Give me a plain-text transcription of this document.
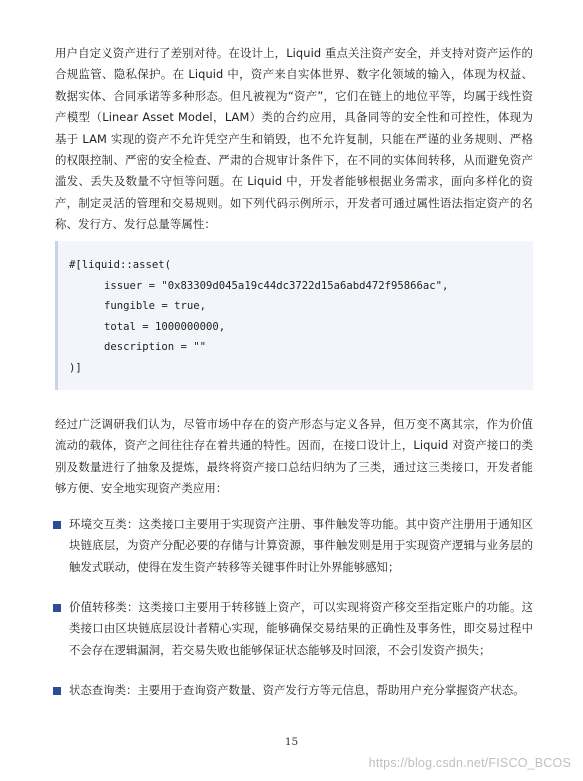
用户自定义资产进行了差别对待。在设计上，Liquid 重点关注资产安全，并支持对资产运作的合规监管、隐私保护。在 Liquid 中，资产来自实体世界、数字化领域的输入，体现为权益、数据实体、合同承诺等多种形态。但凡被视为“资产”，它们在链上的地位平等，均属于线性资产模型（Linear Asset Model，LAM）类的合约应用，具备同等的安全性和可控性，体现为基于 LAM 实现的资产不允许凭空产生和销毁，也不允许复制，只能在严谨的业务规则、严格的权限控制、严密的安全检查、严肃的合规审计条件下，在不同的实体间转移，从而避免资产滥发、丢失及数量不守恒等问题。在 Liquid 中，开发者能够根据业务需求，面向多样化的资产，制定灵活的管理和交易规则。如下列代码示例所示，开发者可通过属性语法指定资产的名称、发行方、发行总量等属性：

#[liquid::asset(
issuer = "0x83309d045a19c44dc3722d15a6abd472f95866ac",
fungible = true,
total = 1000000000,
description = ""
)]

经过广泛调研我们认为，尽管市场中存在的资产形态与定义各异，但万变不离其宗，作为价值流动的载体，资产之间往往存在着共通的特性。因而，在接口设计上，Liquid 对资产接口的类别及数量进行了抽象及提炼，最终将资产接口总结归纳为了三类，通过这三类接口，开发者能够方便、安全地实现资产类应用：

环境交互类：这类接口主要用于实现资产注册、事件触发等功能。其中资产注册用于通知区块链底层，为资产分配必要的存储与计算资源，事件触发则是用于实现资产逻辑与业务层的触发式联动，使得在发生资产转移等关键事件时让外界能够感知；

价值转移类：这类接口主要用于转移链上资产，可以实现将资产移交至指定账户的功能。这类接口由区块链底层设计者精心实现，能够确保交易结果的正确性及事务性，即交易过程中不会存在逻辑漏洞，若交易失败也能够保证状态能够及时回滚，不会引发资产损失；

状态查询类：主要用于查询资产数量、资产发行方等元信息，帮助用户充分掌握资产状态。

15
https://blog.csdn.net/FISCO_BCOS
